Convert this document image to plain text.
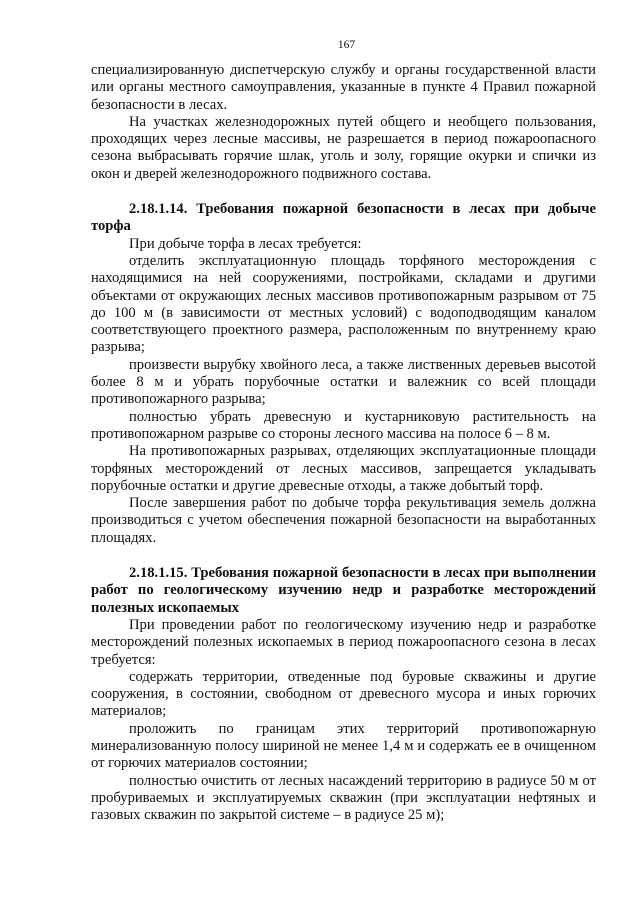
167

специализированную диспетчерскую службу и органы государственной власти или органы местного самоуправления, указанные в пункте 4 Правил пожарной безопасности в лесах.

На участках железнодорожных путей общего и необщего пользования, проходящих через лесные массивы, не разрешается в период пожароопасного сезона выбрасывать горячие шлак, уголь и золу, горящие окурки и спички из окон и дверей железнодорожного подвижного состава.

2.18.1.14. Требования пожарной безопасности в лесах при добыче торфа

При добыче торфа в лесах требуется:

отделить эксплуатационную площадь торфяного месторождения с находящимися на ней сооружениями, постройками, складами и другими объектами от окружающих лесных массивов противопожарным разрывом от 75 до 100 м (в зависимости от местных условий) с водоподводящим каналом соответствующего проектного размера, расположенным по внутреннему краю разрыва;

произвести вырубку хвойного леса, а также лиственных деревьев высотой более 8 м и убрать порубочные остатки и валежник со всей площади противопожарного разрыва;

полностью убрать древесную и кустарниковую растительность на противопожарном разрыве со стороны лесного массива на полосе 6 – 8 м.

На противопожарных разрывах, отделяющих эксплуатационные площади торфяных месторождений от лесных массивов, запрещается укладывать порубочные остатки и другие древесные отходы, а также добытый торф.

После завершения работ по добыче торфа рекультивация земель должна производиться с учетом обеспечения пожарной безопасности на выработанных площадях.

2.18.1.15. Требования пожарной безопасности в лесах при выполнении работ по геологическому изучению недр и разработке месторождений полезных ископаемых

При проведении работ по геологическому изучению недр и разработке месторождений полезных ископаемых в период пожароопасного сезона в лесах требуется:

содержать территории, отведенные под буровые скважины и другие сооружения, в состоянии, свободном от древесного мусора и иных горючих материалов;

проложить по границам этих территорий противопожарную минерализованную полосу шириной не менее 1,4 м и содержать ее в очищенном от горючих материалов состоянии;

полностью очистить от лесных насаждений территорию в радиусе 50 м от пробуриваемых и эксплуатируемых скважин (при эксплуатации нефтяных и газовых скважин по закрытой системе – в радиусе 25 м);
